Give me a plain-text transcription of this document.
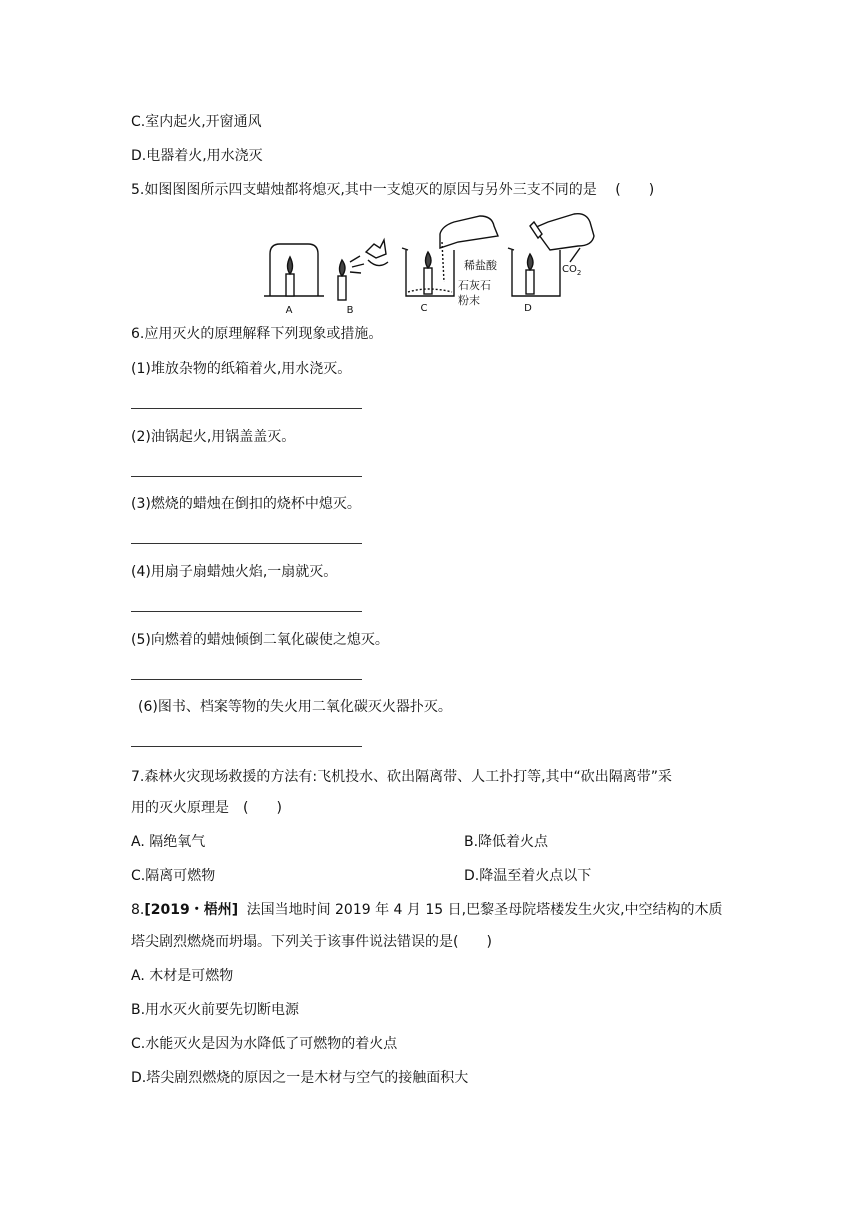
C.室内起火,开窗通风
D.电器着火,用水浇灭
5.如图图图所示四支蜡烛都将熄灭,其中一支熄灭的原因与另外三支不同的是 (　　)
A	B	C	D
稀盐酸
石灰石
粉末
$CO_2$
6.应用灭火的原理解释下列现象或措施。
(1)堆放杂物的纸箱着火,用水浇灭。
(2)油锅起火,用锅盖盖灭。
(3)燃烧的蜡烛在倒扣的烧杯中熄灭。
(4)用扇子扇蜡烛火焰,一扇就灭。
(5)向燃着的蜡烛倾倒二氧化碳使之熄灭。
(6)图书、档案等物的失火用二氧化碳灭火器扑灭。
7.森林火灾现场救援的方法有:飞机投水、砍出隔离带、人工扑打等,其中“砍出隔离带”采
用的灭火原理是　(　　)
A. 隔绝氧气	B.降低着火点
C.隔离可燃物	D.降温至着火点以下
8.[2019・梧州] 法国当地时间 2019 年 4 月 15 日,巴黎圣母院塔楼发生火灾,中空结构的木质
塔尖剧烈燃烧而坍塌。下列关于该事件说法错误的是(　　)
A. 木材是可燃物
B.用水灭火前要先切断电源
C.水能灭火是因为水降低了可燃物的着火点
D.塔尖剧烈燃烧的原因之一是木材与空气的接触面积大
